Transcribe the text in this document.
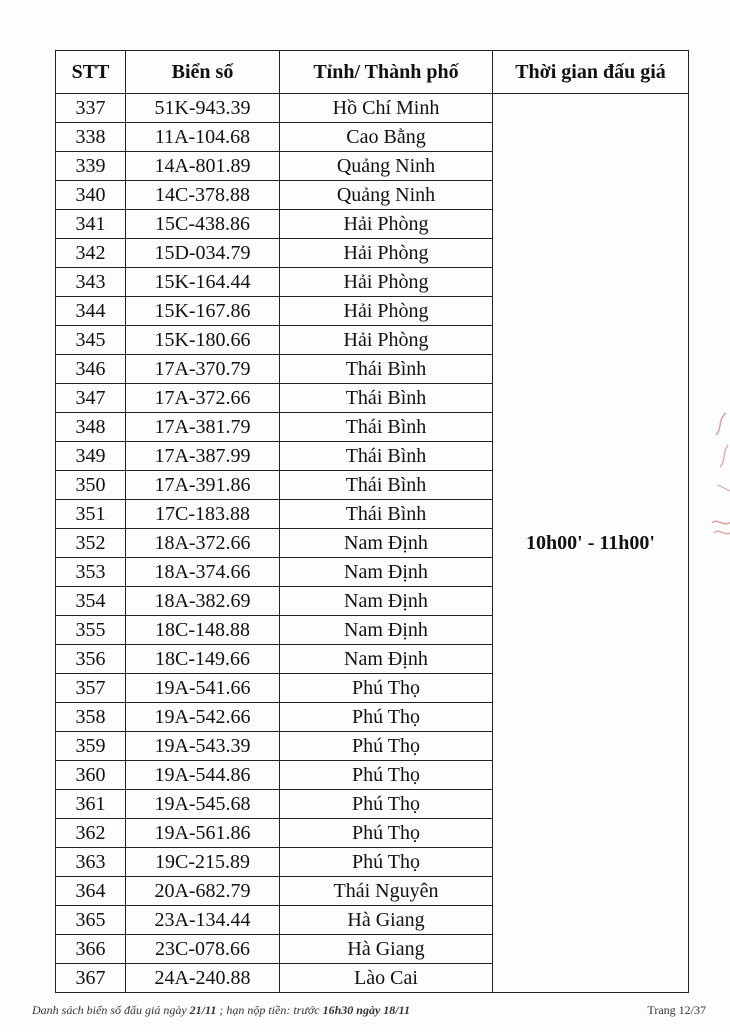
STT	Biển số	Tỉnh/ Thành phố	Thời gian đấu giá
337	51K-943.39	Hồ Chí Minh	10h00' - 11h00'
338	11A-104.68	Cao Bằng	
339	14A-801.89	Quảng Ninh	
340	14C-378.88	Quảng Ninh	
341	15C-438.86	Hải Phòng	
342	15D-034.79	Hải Phòng	
343	15K-164.44	Hải Phòng	
344	15K-167.86	Hải Phòng	
345	15K-180.66	Hải Phòng	
346	17A-370.79	Thái Bình	
347	17A-372.66	Thái Bình	
348	17A-381.79	Thái Bình	
349	17A-387.99	Thái Bình	
350	17A-391.86	Thái Bình	
351	17C-183.88	Thái Bình	
352	18A-372.66	Nam Định	
353	18A-374.66	Nam Định	
354	18A-382.69	Nam Định	
355	18C-148.88	Nam Định	
356	18C-149.66	Nam Định	
357	19A-541.66	Phú Thọ	
358	19A-542.66	Phú Thọ	
359	19A-543.39	Phú Thọ	
360	19A-544.86	Phú Thọ	
361	19A-545.68	Phú Thọ	
362	19A-561.86	Phú Thọ	
363	19C-215.89	Phú Thọ	
364	20A-682.79	Thái Nguyên	
365	23A-134.44	Hà Giang	
366	23C-078.66	Hà Giang	
367	24A-240.88	Lào Cai	
Danh sách biển số đấu giá ngày 21/11 ; hạn nộp tiền: trước 16h30 ngày 18/11	Trang 12/37
